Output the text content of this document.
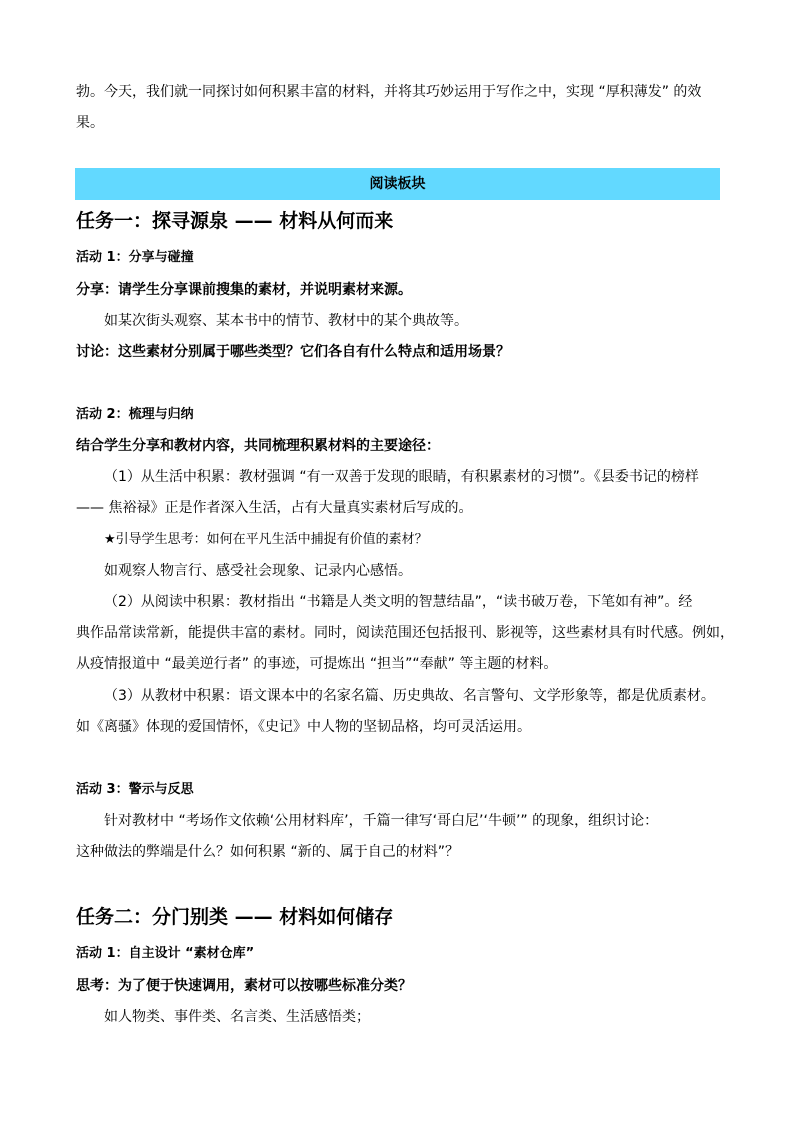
勃。今天，我们就一同探讨如何积累丰富的材料，并将其巧妙运用于写作之中，实现 “厚积薄发” 的效
果。
阅读板块
任务一：探寻源泉 —— 材料从何而来
活动 1：分享与碰撞
分享：请学生分享课前搜集的素材，并说明素材来源。
如某次街头观察、某本书中的情节、教材中的某个典故等。
讨论：这些素材分别属于哪些类型？它们各自有什么特点和适用场景？
活动 2：梳理与归纳
结合学生分享和教材内容，共同梳理积累材料的主要途径：
（1）从生活中积累：教材强调 “有一双善于发现的眼睛，有积累素材的习惯”。《县委书记的榜样
—— 焦裕禄》正是作者深入生活，占有大量真实素材后写成的。
★引导学生思考：如何在平凡生活中捕捉有价值的素材？
如观察人物言行、感受社会现象、记录内心感悟。
（2）从阅读中积累：教材指出 “书籍是人类文明的智慧结晶”，“读书破万卷，下笔如有神”。经
典作品常读常新，能提供丰富的素材。同时，阅读范围还包括报刊、影视等，这些素材具有时代感。例如，
从疫情报道中 “最美逆行者” 的事迹，可提炼出 “担当”“奉献” 等主题的材料。
（3）从教材中积累：语文课本中的名家名篇、历史典故、名言警句、文学形象等，都是优质素材。
如《离骚》体现的爱国情怀，《史记》中人物的坚韧品格，均可灵活运用。
活动 3：警示与反思
针对教材中 “考场作文依赖‘公用材料库’，千篇一律写‘哥白尼’‘牛顿’” 的现象，组织讨论：
这种做法的弊端是什么？如何积累 “新的、属于自己的材料”？
任务二：分门别类 —— 材料如何储存
活动 1：自主设计 “素材仓库”
思考：为了便于快速调用，素材可以按哪些标准分类？
如人物类、事件类、名言类、生活感悟类；
